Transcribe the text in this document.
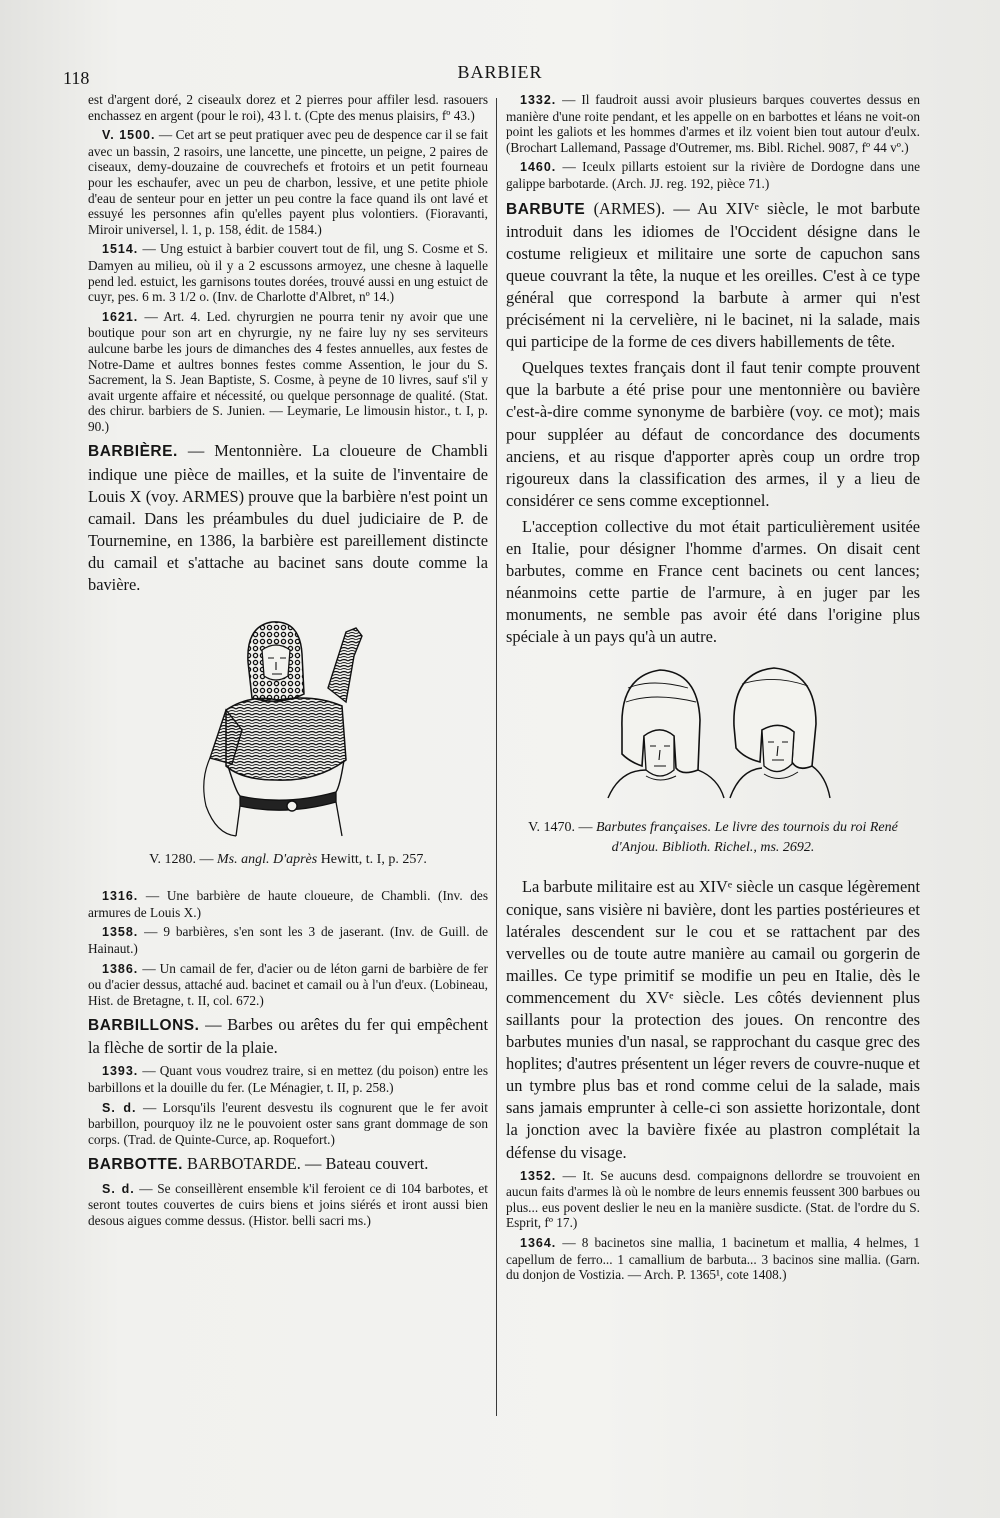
118	BARBIER

est d'argent doré, 2 ciseaulx dorez et 2 pierres pour affiler lesd. rasouers enchassez en argent (pour le roi), 43 l. t. (Cpte des menus plaisirs, fº 43.)

V. 1500. — Cet art se peut pratiquer avec peu de despence car il se fait avec un bassin, 2 rasoirs, une lancette, une pincette, un peigne, 2 paires de ciseaux, demy-douzaine de couvrechefs et frotoirs et un petit fourneau pour les eschaufer, avec un peu de charbon, lessive, et une petite phiole d'eau de senteur pour en jetter un peu contre la face quand ils ont lavé et essuyé les personnes afin qu'elles payent plus volontiers. (Fioravanti, Miroir universel, l. 1, p. 158, édit. de 1584.)

1514. — Ung estuict à barbier couvert tout de fil, ung S. Cosme et S. Damyen au milieu, où il y a 2 escussons armoyez, une chesne à laquelle pend led. estuict, les garnisons toutes dorées, trouvé aussi en ung estuict de cuyr, pes. 6 m. 3 1/2 o. (Inv. de Charlotte d'Albret, nº 14.)

1621. — Art. 4. Led. chyrurgien ne pourra tenir ny avoir que une boutique pour son art en chyrurgie, ny ne faire luy ny ses serviteurs aulcune barbe les jours de dimanches des 4 festes annuelles, aux festes de Notre-Dame et aultres bonnes festes comme Assention, le jour du S. Sacrement, la S. Jean Baptiste, S. Cosme, à peyne de 10 livres, sauf s'il y avait urgente affaire et nécessité, ou quelque personnage de qualité. (Stat. des chirur. barbiers de S. Junien. — Leymarie, Le limousin histor., t. I, p. 90.)

BARBIÈRE. — Mentonnière. La cloueure de Chambli indique une pièce de mailles, et la suite de l'inventaire de Louis X (voy. ARMES) prouve que la barbière n'est point un camail. Dans les préambules du duel judiciaire de P. de Tournemine, en 1386, la barbière est pareillement distincte du camail et s'attache au bacinet sans doute comme la bavière.

V. 1280. — Ms. angl. D'après Hewitt, t. I, p. 257.

1316. — Une barbière de haute cloueure, de Chambli. (Inv. des armures de Louis X.)

1358. — 9 barbières, s'en sont les 3 de jaserant. (Inv. de Guill. de Hainaut.)

1386. — Un camail de fer, d'acier ou de léton garni de barbière de fer ou d'acier dessus, attaché aud. bacinet et camail ou à l'un d'eux. (Lobineau, Hist. de Bretagne, t. II, col. 672.)

BARBILLONS. — Barbes ou arêtes du fer qui empêchent la flèche de sortir de la plaie.

1393. — Quant vous voudrez traire, si en mettez (du poison) entre les barbillons et la douille du fer. (Le Ménagier, t. II, p. 258.)

S. d. — Lorsqu'ils l'eurent desvestu ils cognurent que le fer avoit barbillon, pourquoy ilz ne le pouvoient oster sans grant dommage de son corps. (Trad. de Quinte-Curce, ap. Roquefort.)

BARBOTTE. BARBOTARDE. — Bateau couvert.

S. d. — Se conseillèrent ensemble k'il feroient ce di 104 barbotes, et seront toutes couvertes de cuirs biens et joins siérés et iront aussi bien desous aigues comme dessus. (Histor. belli sacri ms.)

1332. — Il faudroit aussi avoir plusieurs barques couvertes dessus en manière d'une roite pendant, et les appelle on en barbottes et léans ne voit-on point les galiots et les hommes d'armes et ilz voient bien tout autour d'eulx. (Brochart Lallemand, Passage d'Outremer, ms. Bibl. Richel. 9087, fº 44 vº.)

1460. — Iceulx pillarts estoient sur la rivière de Dordogne dans une galippe barbotarde. (Arch. JJ. reg. 192, pièce 71.)

BARBUTE (ARMES). — Au XIVᵉ siècle, le mot barbute introduit dans les idiomes de l'Occident désigne dans le costume religieux et militaire une sorte de capuchon sans queue couvrant la tête, la nuque et les oreilles. C'est à ce type général que correspond la barbute à armer qui n'est précisément ni la cervelière, ni le bacinet, ni la salade, mais qui participe de la forme de ces divers habillements de tête.

Quelques textes français dont il faut tenir compte prouvent que la barbute a été prise pour une mentonnière ou bavière c'est-à-dire comme synonyme de barbière (voy. ce mot); mais pour suppléer au défaut de concordance des documents anciens, et au risque d'apporter après coup un ordre trop rigoureux dans la classification des armes, il y a lieu de considérer ce sens comme exceptionnel.

L'acception collective du mot était particulièrement usitée en Italie, pour désigner l'homme d'armes. On disait cent barbutes, comme en France cent bacinets ou cent lances; néanmoins cette partie de l'armure, à en juger par les monuments, ne semble pas avoir été dans l'origine plus spéciale à un pays qu'à un autre.

V. 1470. — Barbutes françaises. Le livre des tournois du roi René d'Anjou. Biblioth. Richel., ms. 2692.

La barbute militaire est au XIVᵉ siècle un casque légèrement conique, sans visière ni bavière, dont les parties postérieures et latérales descendent sur le cou et se rattachent par des vervelles ou de toute autre manière au camail ou gorgerin de mailles. Ce type primitif se modifie un peu en Italie, dès le commencement du XVᵉ siècle. Les côtés deviennent plus saillants pour la protection des joues. On rencontre des barbutes munies d'un nasal, se rapprochant du casque grec des hoplites; d'autres présentent un léger revers de couvre-nuque et un tymbre plus bas et rond comme celui de la salade, mais sans jamais emprunter à celle-ci son assiette horizontale, dont la jonction avec la bavière fixée au plastron complétait la défense du visage.

1352. — It. Se aucuns desd. compaignons dellordre se trouvoient en aucun faits d'armes là où le nombre de leurs ennemis feussent 300 barbues ou plus... eus povent deslier le neu en la manière susdicte. (Stat. de l'ordre du S. Esprit, fº 17.)

1364. — 8 bacinetos sine mallia, 1 bacinetum et mallia, 4 helmes, 1 capellum de ferro... 1 camallium de barbuta... 3 bacinos sine mallia. (Garn. du donjon de Vostizia. — Arch. P. 1365¹, cote 1408.)
